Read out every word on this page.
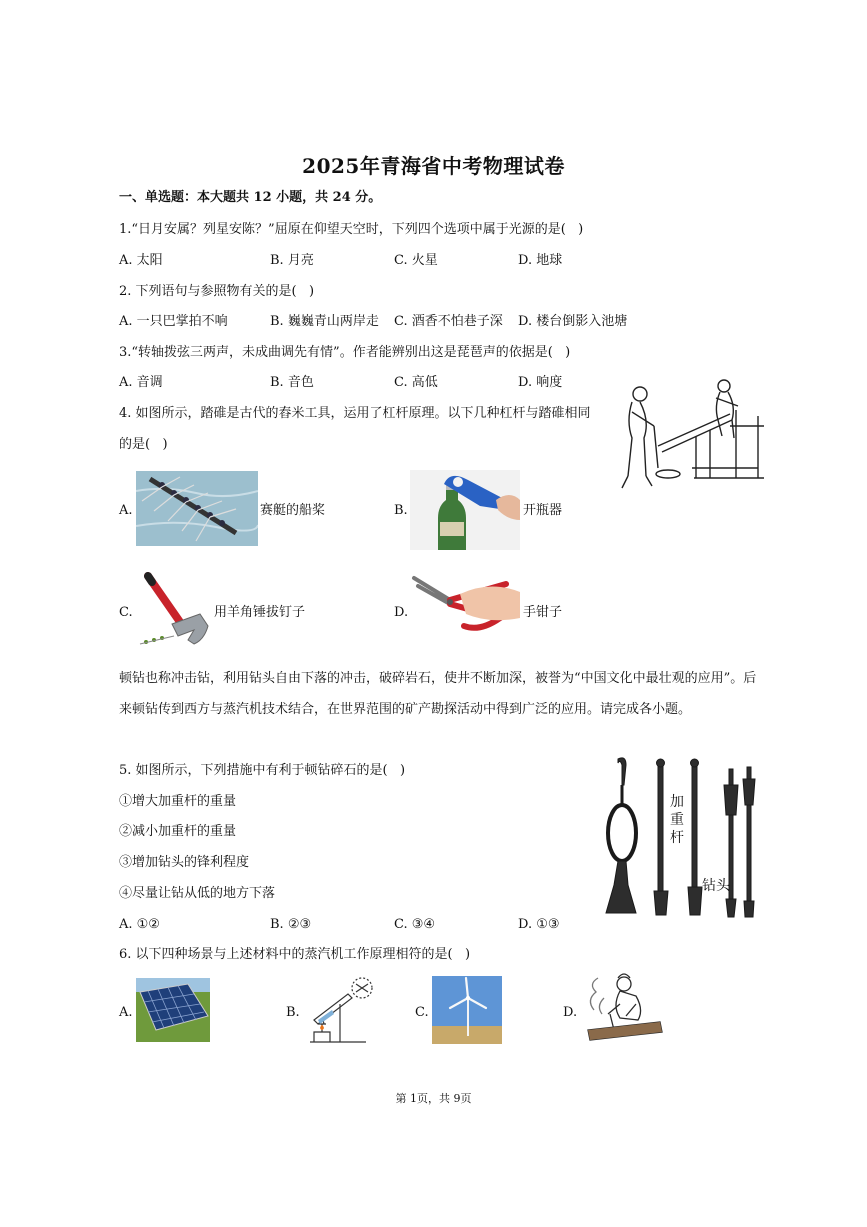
2025年青海省中考物理试卷
一、单选题：本大题共 12 小题，共 24 分。
1.“日月安属？列星安陈？”屈原在仰望天空时，下列四个选项中属于光源的是(   )
A. 太阳	B. 月亮	C. 火星	D. 地球
2. 下列语句与参照物有关的是(   )
A. 一只巴掌拍不响	B. 巍巍青山两岸走 C. 酒香不怕巷子深 D. 楼台倒影入池塘
3.“转轴拨弦三两声，未成曲调先有情”。作者能辨别出这是琵琶声的依据是(   )
A. 音调	B. 音色	C. 高低	D. 响度
4. 如图所示，踏碓是古代的舂米工具，运用了杠杆原理。以下几种杠杆与踏碓相同
的是(   )
A.	赛艇的船桨	B.	开瓶器
C.	用羊角锤拔钉子	D.	手钳子
顿钻也称冲击钻，利用钻头自由下落的冲击，破碎岩石，使井不断加深，被誉为“中国文化中最壮观的应用”。后来顿钻传到西方与蒸汽机技术结合，在世界范围的矿产勘探活动中得到广泛的应用。请完成各小题。
5. 如图所示，下列措施中有利于顿钻碎石的是(   )
①增大加重杆的重量
②减小加重杆的重量
③增加钻头的锋利程度
④尽量让钻从低的地方下落
A. ①②	B. ②③	C. ③④	D. ①③
加
重
杆
钻头
6. 以下四种场景与上述材料中的蒸汽机工作原理相符的是(   )
A.	B.	C.	D.
第 1页，共 9页
